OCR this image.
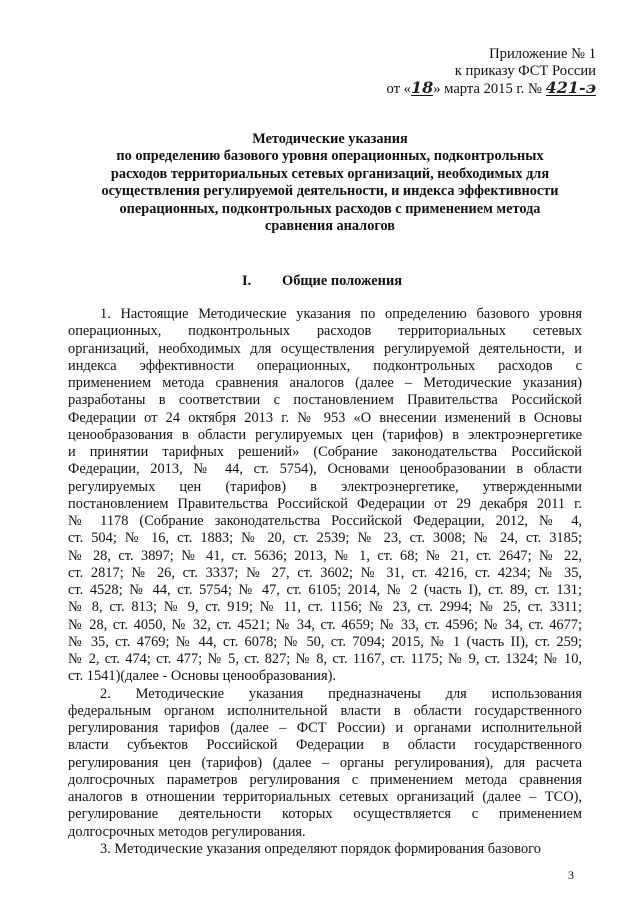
Приложение № 1
к приказу ФСТ России
от «18» марта 2015 г. № 421-э
Методические указания
по определению базового уровня операционных, подконтрольных
расходов территориальных сетевых организаций, необходимых для
осуществления регулируемой деятельности, и индекса эффективности
операционных, подконтрольных расходов с применением метода
сравнения аналогов
I. Общие положения
1. Настоящие Методические указания по определению базового уровня
операционных, подконтрольных расходов территориальных сетевых
организаций, необходимых для осуществления регулируемой деятельности, и
индекса эффективности операционных, подконтрольных расходов с
применением метода сравнения аналогов (далее – Методические указания)
разработаны в соответствии с постановлением Правительства Российской
Федерации от 24 октября 2013 г. № 953 «О внесении изменений в Основы
ценообразования в области регулируемых цен (тарифов) в электроэнергетике
и принятии тарифных решений» (Собрание законодательства Российской
Федерации, 2013, № 44, ст. 5754), Основами ценообразовании в области
регулируемых цен (тарифов) в электроэнергетике, утвержденными
постановлением Правительства Российской Федерации от 29 декабря 2011 г.
№ 1178 (Собрание законодательства Российской Федерации, 2012, № 4,
ст. 504; № 16, ст. 1883; № 20, ст. 2539; № 23, ст. 3008; № 24, ст. 3185;
№ 28, ст. 3897; № 41, ст. 5636; 2013, № 1, ст. 68; № 21, ст. 2647; № 22,
ст. 2817; № 26, ст. 3337; № 27, ст. 3602; № 31, ст. 4216, ст. 4234; № 35,
ст. 4528; № 44, ст. 5754; № 47, ст. 6105; 2014, № 2 (часть I), ст. 89, ст. 131;
№ 8, ст. 813; № 9, ст. 919; № 11, ст. 1156; № 23, ст. 2994; № 25, ст. 3311;
№ 28, ст. 4050, № 32, ст. 4521; № 34, ст. 4659; № 33, ст. 4596; № 34, ст. 4677;
№ 35, ст. 4769; № 44, ст. 6078; № 50, ст. 7094; 2015, № 1 (часть II), ст. 259;
№ 2, ст. 474; ст. 477; № 5, ст. 827; № 8, ст. 1167, ст. 1175; № 9, ст. 1324; № 10,
ст. 1541)(далее - Основы ценообразования).
2. Методические указания предназначены для использования
федеральным органом исполнительной власти в области государственного
регулирования тарифов (далее – ФСТ России) и органами исполнительной
власти субъектов Российской Федерации в области государственного
регулирования цен (тарифов) (далее – органы регулирования), для расчета
долгосрочных параметров регулирования с применением метода сравнения
аналогов в отношении территориальных сетевых организаций (далее – ТСО),
регулирование деятельности которых осуществляется с применением
долгосрочных методов регулирования.
3. Методические указания определяют порядок формирования базового
3
